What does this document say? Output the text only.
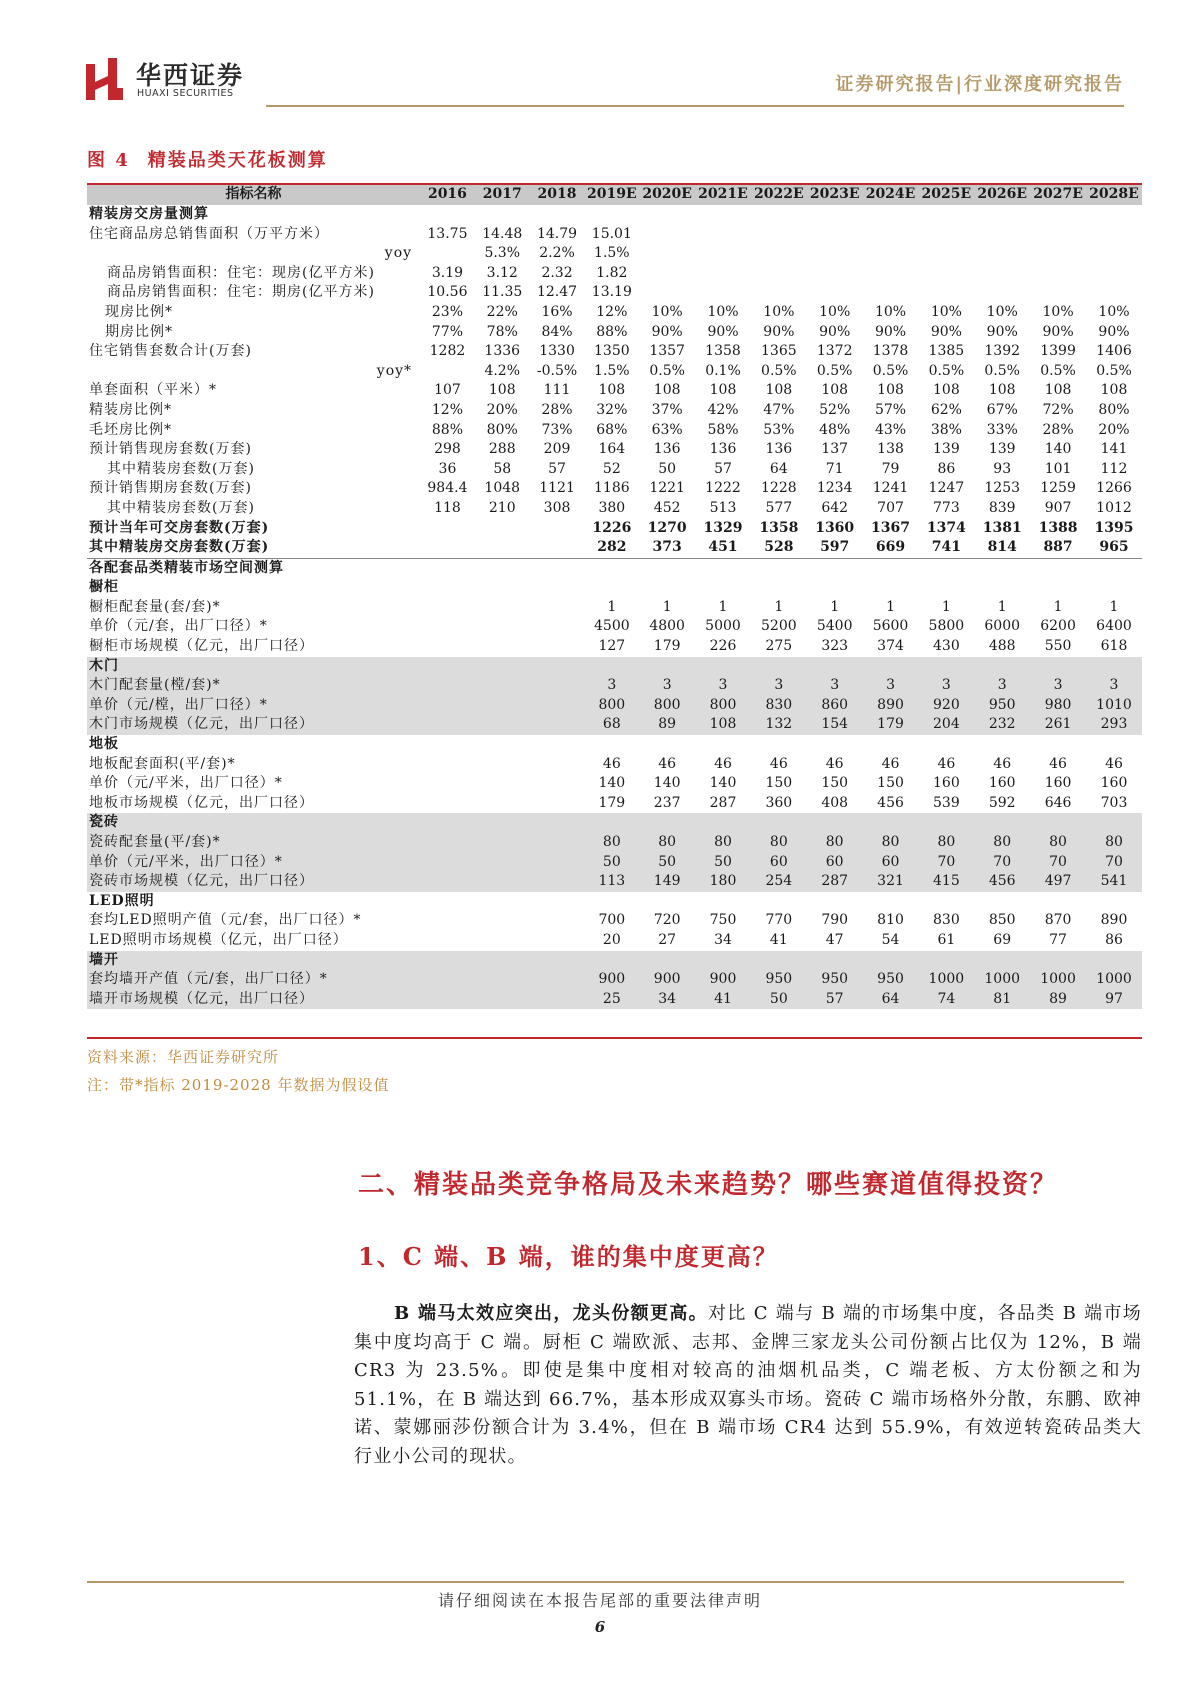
华西证券
HUAXI SECURITIES	证券研究报告|行业深度研究报告
图 4 精装品类天花板测算
指标名称	2016	2017	2018	2019E	2020E	2021E	2022E	2023E	2024E	2025E	2026E	2027E	2028E
精装房交房量测算													
住宅商品房总销售面积（万平方米）	13.75	14.48	14.79	15.01									
yoy		5.3%	2.2%	1.5%									
商品房销售面积：住宅：现房(亿平方米)	3.19	3.12	2.32	1.82									
商品房销售面积：住宅：期房(亿平方米)	10.56	11.35	12.47	13.19									
现房比例*	23%	22%	16%	12%	10%	10%	10%	10%	10%	10%	10%	10%	10%
期房比例*	77%	78%	84%	88%	90%	90%	90%	90%	90%	90%	90%	90%	90%
住宅销售套数合计(万套)	1282	1336	1330	1350	1357	1358	1365	1372	1378	1385	1392	1399	1406
yoy*		4.2%	-0.5%	1.5%	0.5%	0.1%	0.5%	0.5%	0.5%	0.5%	0.5%	0.5%	0.5%
单套面积（平米）*	107	108	111	108	108	108	108	108	108	108	108	108	108
精装房比例*	12%	20%	28%	32%	37%	42%	47%	52%	57%	62%	67%	72%	80%
毛坯房比例*	88%	80%	73%	68%	63%	58%	53%	48%	43%	38%	33%	28%	20%
预计销售现房套数(万套)	298	288	209	164	136	136	136	137	138	139	139	140	141
其中精装房套数(万套)	36	58	57	52	50	57	64	71	79	86	93	101	112
预计销售期房套数(万套)	984.4	1048	1121	1186	1221	1222	1228	1234	1241	1247	1253	1259	1266
其中精装房套数(万套)	118	210	308	380	452	513	577	642	707	773	839	907	1012
预计当年可交房套数(万套)				1226	1270	1329	1358	1360	1367	1374	1381	1388	1395
其中精装房交房套数(万套)				282	373	451	528	597	669	741	814	887	965
各配套品类精装市场空间测算													
橱柜													
橱柜配套量(套/套)*				1	1	1	1	1	1	1	1	1	1
单价（元/套，出厂口径）*				4500	4800	5000	5200	5400	5600	5800	6000	6200	6400
橱柜市场规模（亿元，出厂口径）				127	179	226	275	323	374	430	488	550	618
木门													
木门配套量(樘/套)*				3	3	3	3	3	3	3	3	3	3
单价（元/樘，出厂口径）*				800	800	800	830	860	890	920	950	980	1010
木门市场规模（亿元，出厂口径）				68	89	108	132	154	179	204	232	261	293
地板													
地板配套面积(平/套)*				46	46	46	46	46	46	46	46	46	46
单价（元/平米，出厂口径）*				140	140	140	150	150	150	160	160	160	160
地板市场规模（亿元，出厂口径）				179	237	287	360	408	456	539	592	646	703
瓷砖													
瓷砖配套量(平/套)*				80	80	80	80	80	80	80	80	80	80
单价（元/平米，出厂口径）*				50	50	50	60	60	60	70	70	70	70
瓷砖市场规模（亿元，出厂口径）				113	149	180	254	287	321	415	456	497	541
LED照明													
套均LED照明产值（元/套，出厂口径）*				700	720	750	770	790	810	830	850	870	890
LED照明市场规模（亿元，出厂口径）				20	27	34	41	47	54	61	69	77	86
墙开													
套均墙开产值（元/套，出厂口径）*				900	900	900	950	950	950	1000	1000	1000	1000
墙开市场规模（亿元，出厂口径）				25	34	41	50	57	64	74	81	89	97
资料来源：华西证券研究所
注：带*指标 2019-2028 年数据为假设值
二、精装品类竞争格局及未来趋势？哪些赛道值得投资？
1、C 端、B 端，谁的集中度更高？
B 端马太效应突出，龙头份额更高。对比 C 端与 B 端的市场集中度，各品类 B 端市场集中度均高于 C 端。厨柜 C 端欧派、志邦、金牌三家龙头公司份额占比仅为 12%，B 端 CR3 为 23.5%。即使是集中度相对较高的油烟机品类，C 端老板、方太份额之和为 51.1%，在 B 端达到 66.7%，基本形成双寡头市场。瓷砖 C 端市场格外分散，东鹏、欧神诺、蒙娜丽莎份额合计为 3.4%，但在 B 端市场 CR4 达到 55.9%，有效逆转瓷砖品类大行业小公司的现状。
请仔细阅读在本报告尾部的重要法律声明
6
